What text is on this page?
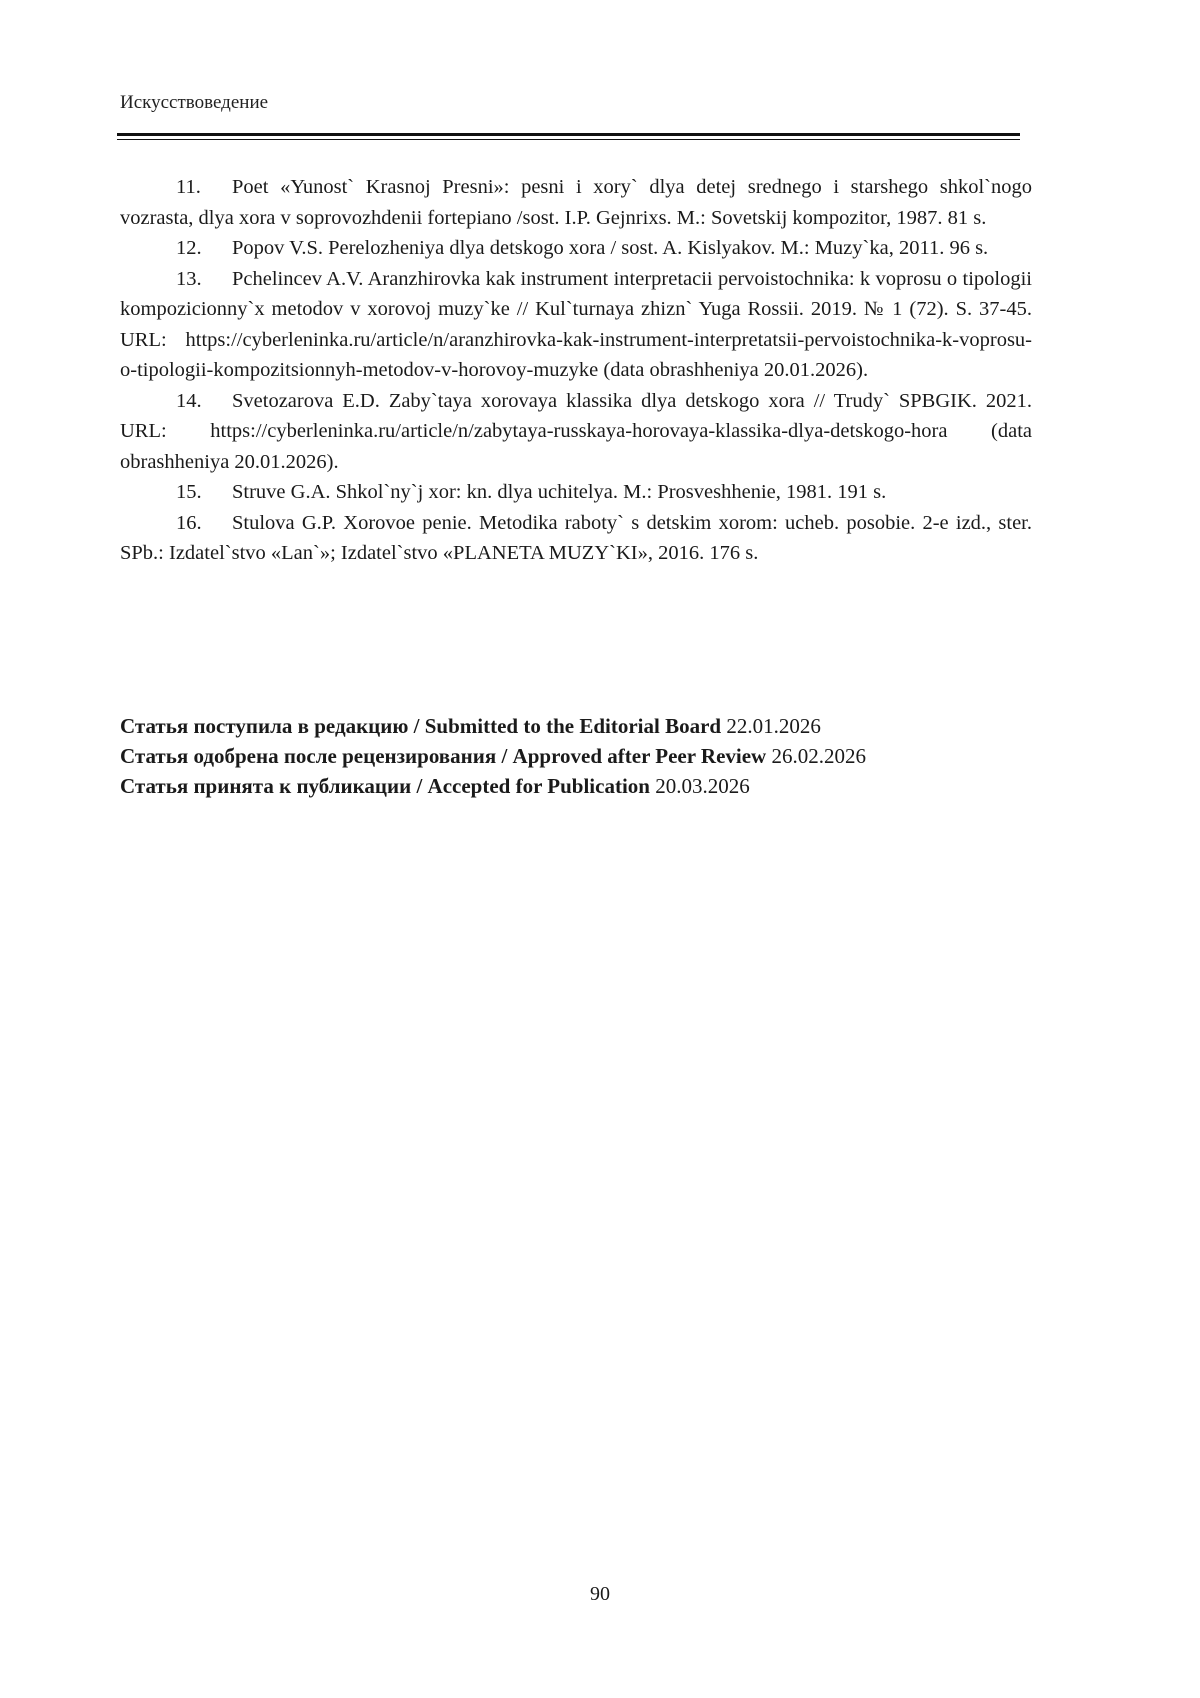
Искусствоведение
11. Poet «Yunost` Krasnoj Presni»: pesni i xory` dlya detej srednego i starshego shkol`nogo vozrasta, dlya xora v soprovozhdenii fortepiano /sost. I.P. Gejnrixs. M.: Sovetskij kompozitor, 1987. 81 s.
12. Popov V.S. Perelozheniya dlya detskogo xora / sost. A. Kislyakov. M.: Muzy`ka, 2011. 96 s.
13. Pchelincev A.V. Aranzhirovka kak instrument interpretacii pervoistochnika: k voprosu o tipologii kompozicionny`x metodov v xorovoj muzy`ke // Kul`turnaya zhizn` Yuga Rossii. 2019. № 1 (72). S. 37-45. URL: https://cyberleninka.ru/article/n/aranzhirovka-kak-instrument-interpretatsii-pervoistochnika-k-voprosu-o-tipologii-kompozitsionnyh-metodov-v-horovoy-muzyke (data obrashheniya 20.01.2026).
14. Svetozarova E.D. Zaby`taya xorovaya klassika dlya detskogo xora // Trudy` SPBGIK. 2021. URL: https://cyberleninka.ru/article/n/zabytaya-russkaya-horovaya-klassika-dlya-detskogo-hora (data obrashheniya 20.01.2026).
15. Struve G.A. Shkol`ny`j xor: kn. dlya uchitelya. M.: Prosveshhenie, 1981. 191 s.
16. Stulova G.P. Xorovoe penie. Metodika raboty` s detskim xorom: ucheb. posobie. 2-e izd., ster. SPb.: Izdatel`stvo «Lan`»; Izdatel`stvo «PLANETA MUZY`KI», 2016. 176 s.

Статья поступила в редакцию / Submitted to the Editorial Board 22.01.2026

Статья одобрена после рецензирования / Approved after Peer Review 26.02.2026

Статья принята к публикации / Accepted for Publication 20.03.2026

90
